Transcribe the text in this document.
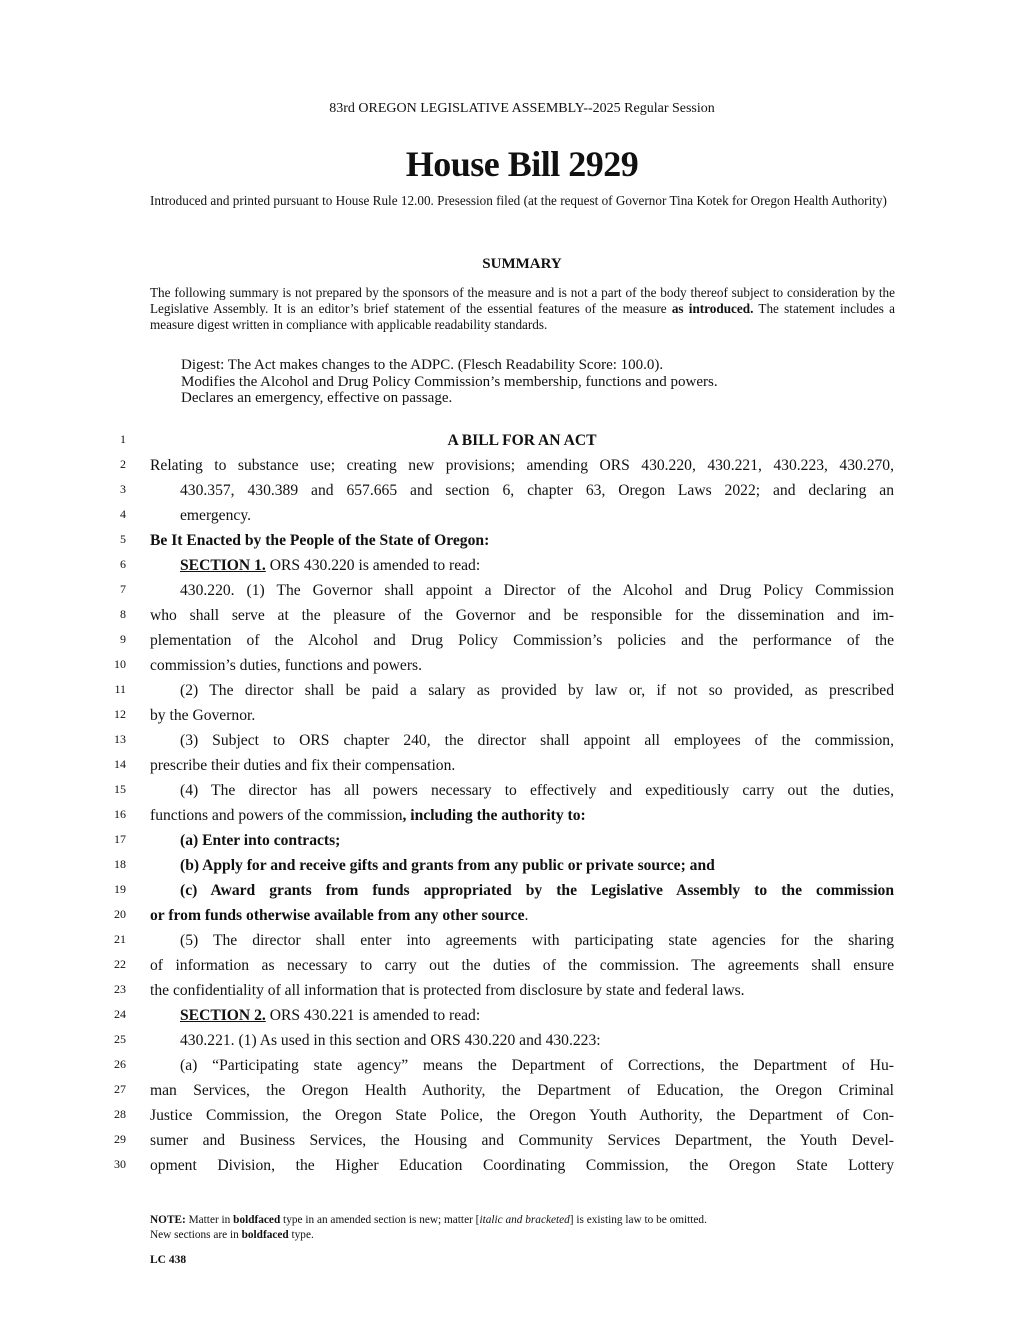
83rd OREGON LEGISLATIVE ASSEMBLY--2025 Regular Session
House Bill 2929
Introduced and printed pursuant to House Rule 12.00. Presession filed (at the request of Governor Tina Kotek for Oregon Health Authority)
SUMMARY
The following summary is not prepared by the sponsors of the measure and is not a part of the body thereof subject to consideration by the Legislative Assembly. It is an editor’s brief statement of the essential features of the measure as introduced. The statement includes a measure digest written in compliance with applicable readability standards.
Digest: The Act makes changes to the ADPC. (Flesch Readability Score: 100.0).
Modifies the Alcohol and Drug Policy Commission’s membership, functions and powers.
Declares an emergency, effective on passage.
1	A BILL FOR AN ACT
2 Relating to substance use; creating new provisions; amending ORS 430.220, 430.221, 430.223, 430.270,
3	430.357, 430.389 and 657.665 and section 6, chapter 63, Oregon Laws 2022; and declaring an
4	emergency.
5 Be It Enacted by the People of the State of Oregon:
6	SECTION 1. ORS 430.220 is amended to read:
7	430.220. (1) The Governor shall appoint a Director of the Alcohol and Drug Policy Commission
8 who shall serve at the pleasure of the Governor and be responsible for the dissemination and im-
9 plementation of the Alcohol and Drug Policy Commission’s policies and the performance of the
10 commission’s duties, functions and powers.
11	(2) The director shall be paid a salary as provided by law or, if not so provided, as prescribed
12 by the Governor.
13	(3) Subject to ORS chapter 240, the director shall appoint all employees of the commission,
14 prescribe their duties and fix their compensation.
15	(4) The director has all powers necessary to effectively and expeditiously carry out the duties,
16 functions and powers of the commission, including the authority to:
17	(a) Enter into contracts;
18	(b) Apply for and receive gifts and grants from any public or private source; and
19	(c) Award grants from funds appropriated by the Legislative Assembly to the commission
20 or from funds otherwise available from any other source.
21	(5) The director shall enter into agreements with participating state agencies for the sharing
22 of information as necessary to carry out the duties of the commission. The agreements shall ensure
23 the confidentiality of all information that is protected from disclosure by state and federal laws.
24	SECTION 2. ORS 430.221 is amended to read:
25	430.221. (1) As used in this section and ORS 430.220 and 430.223:
26	(a) “Participating state agency” means the Department of Corrections, the Department of Hu-
27 man Services, the Oregon Health Authority, the Department of Education, the Oregon Criminal
28 Justice Commission, the Oregon State Police, the Oregon Youth Authority, the Department of Con-
29 sumer and Business Services, the Housing and Community Services Department, the Youth Devel-
30 opment Division, the Higher Education Coordinating Commission, the Oregon State Lottery
NOTE: Matter in boldfaced type in an amended section is new; matter [italic and bracketed] is existing law to be omitted.
New sections are in boldfaced type.
LC 438
